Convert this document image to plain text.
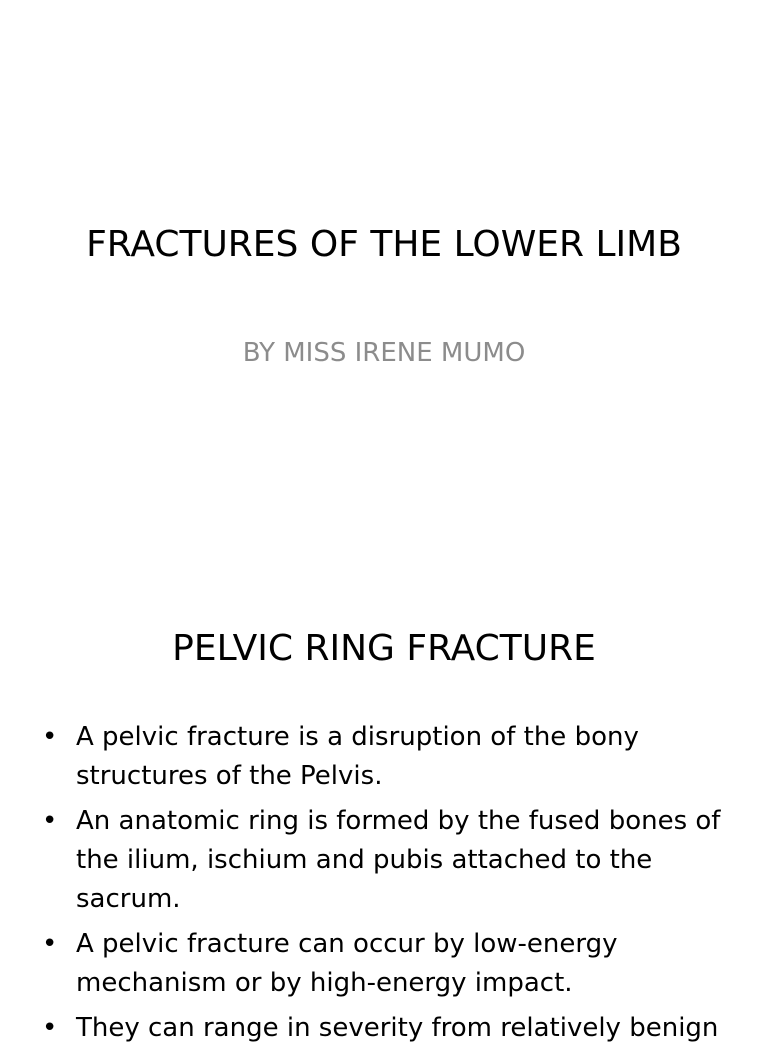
FRACTURES OF THE LOWER LIMB
BY MISS IRENE MUMO
PELVIC RING FRACTURE
• A pelvic fracture is a disruption of the bony structures of the Pelvis.
• An anatomic ring is formed by the fused bones of the ilium, ischium and pubis attached to the sacrum.
• A pelvic fracture can occur by low-energy mechanism or by high-energy impact.
• They can range in severity from relatively benign
